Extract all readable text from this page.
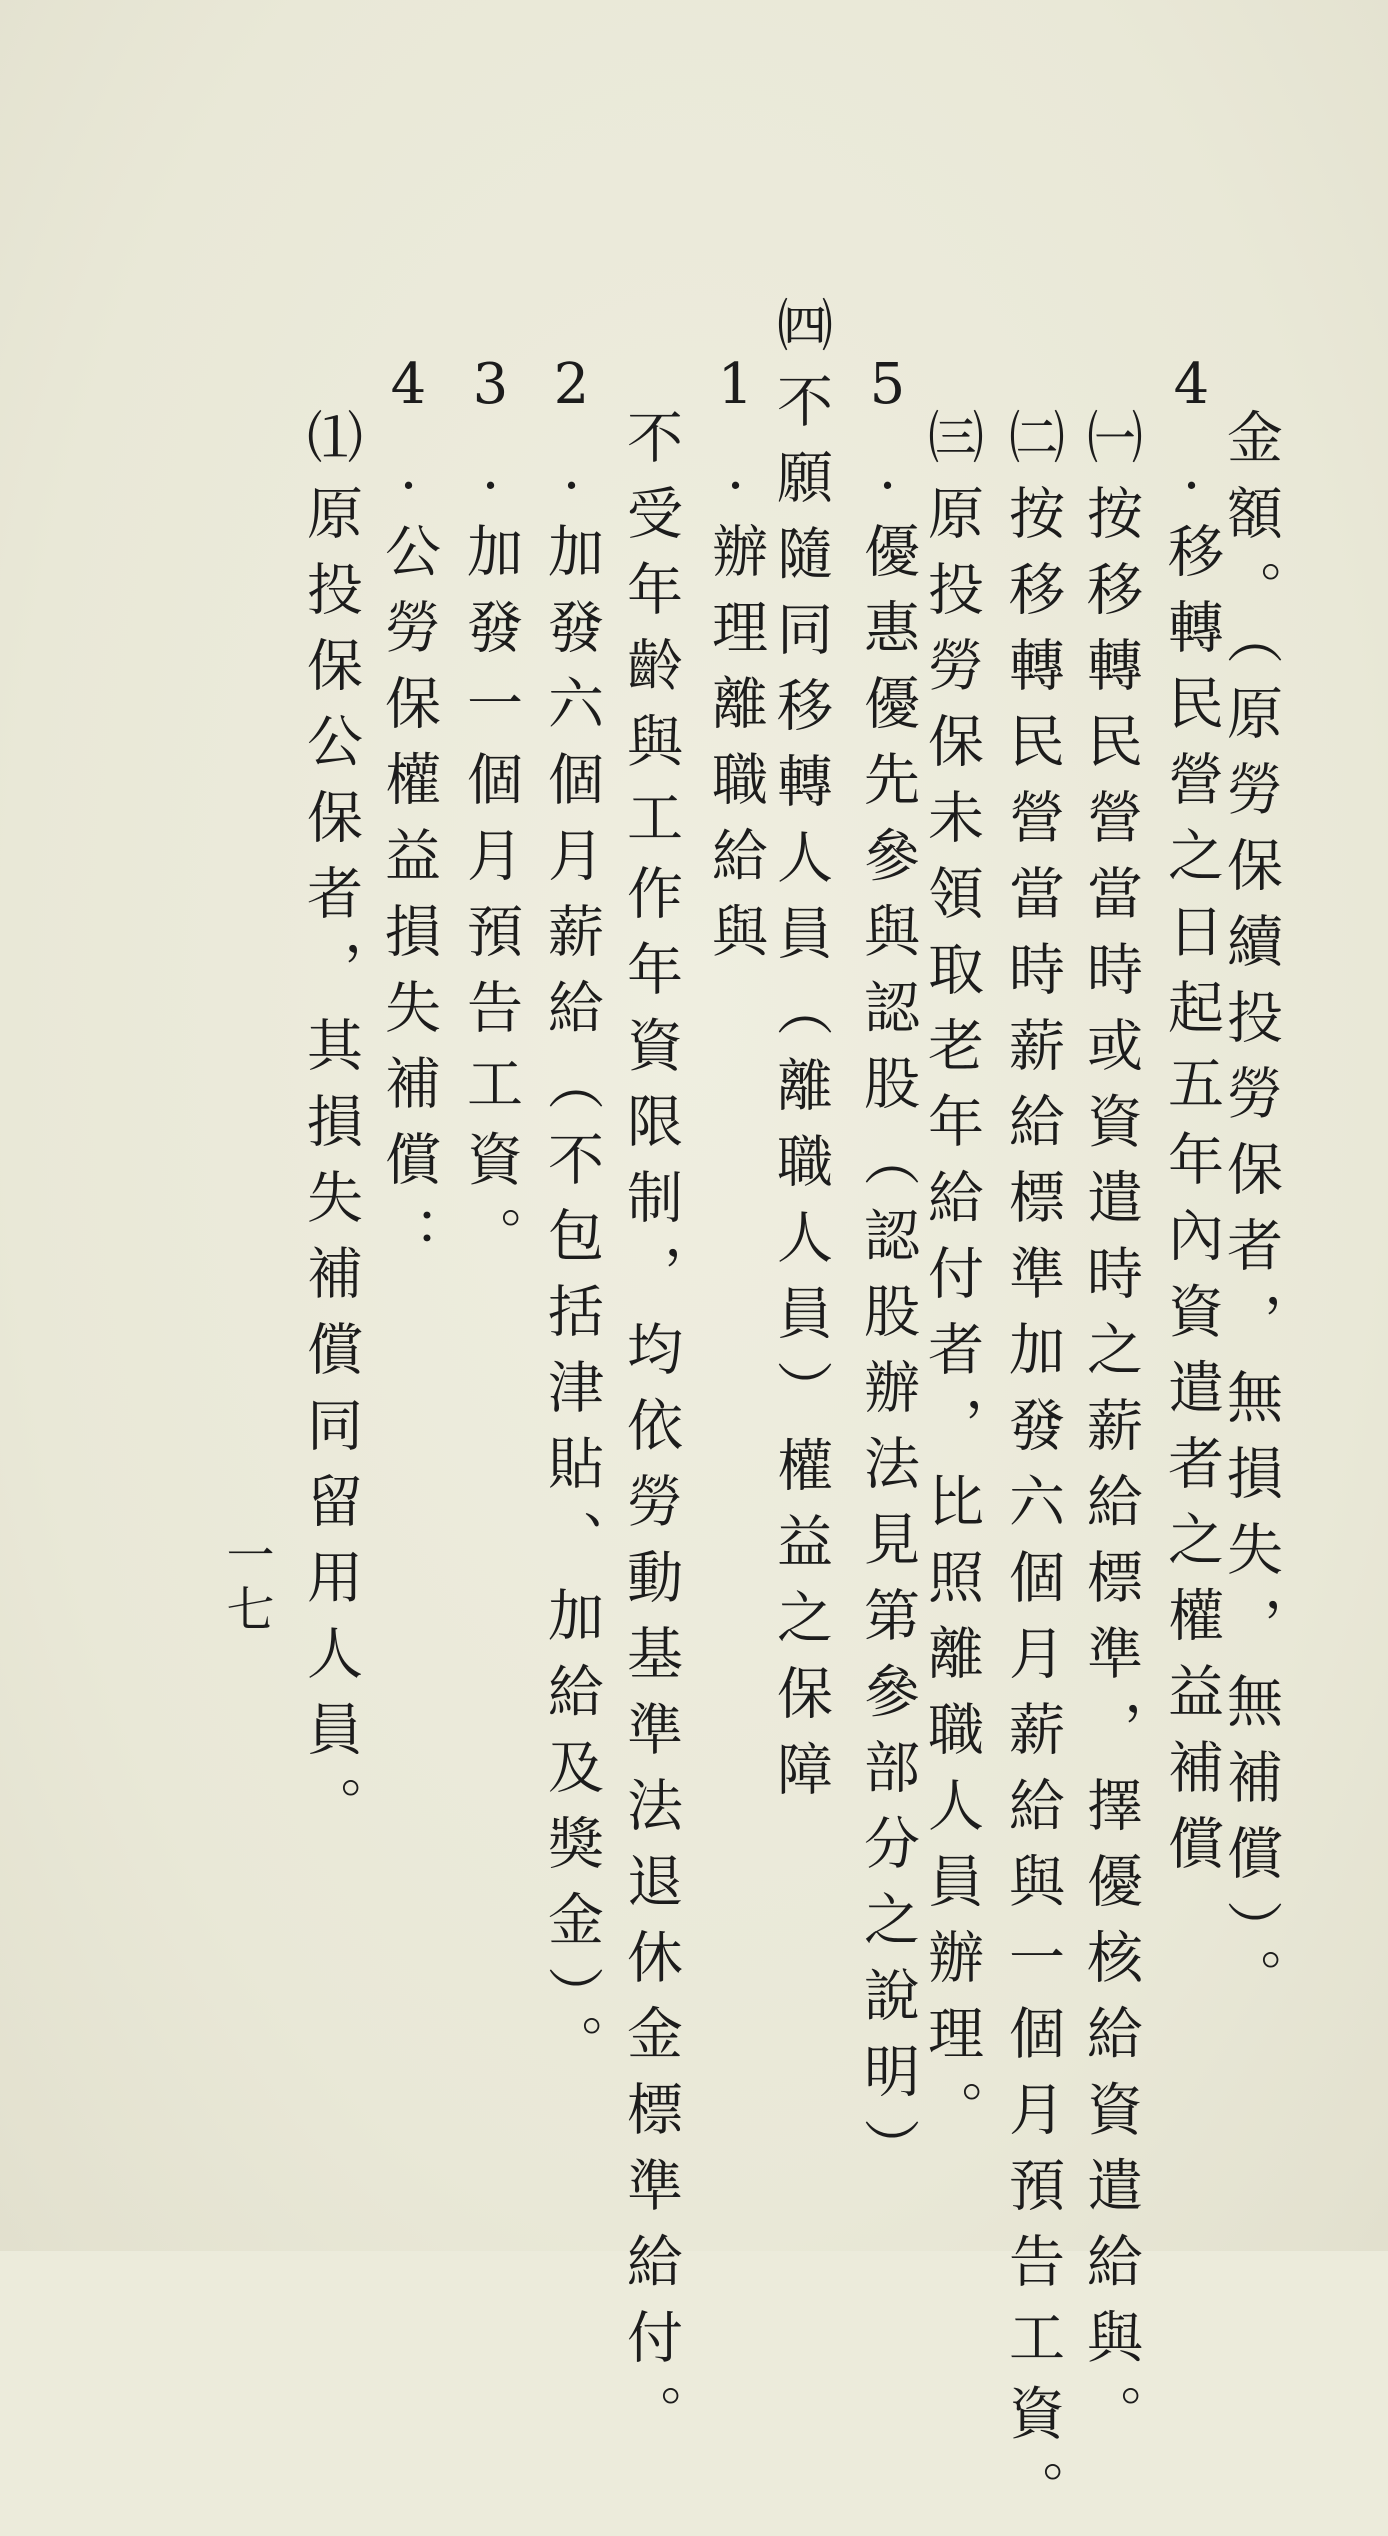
金額。（原勞保續投勞保者，無損失，無補償）。
4.移轉民營之日起五年內資遣者之權益補償
㈠按移轉民營當時或資遣時之薪給標準，擇優核給資遣給與。
㈡按移轉民營當時薪給標準加發六個月薪給與一個月預告工資。
㈢原投勞保未領取老年給付者，比照離職人員辦理。
5.優惠優先參與認股（認股辦法見第參部分之說明）
㈣不願隨同移轉人員（離職人員）權益之保障
1.辦理離職給與
不受年齡與工作年資限制，均依勞動基準法退休金標準給付。
2.加發六個月薪給（不包括津貼、加給及獎金）。
3.加發一個月預告工資。
4.公勞保權益損失補償：
⑴原投保公保者，其損失補償同留用人員。
一七
